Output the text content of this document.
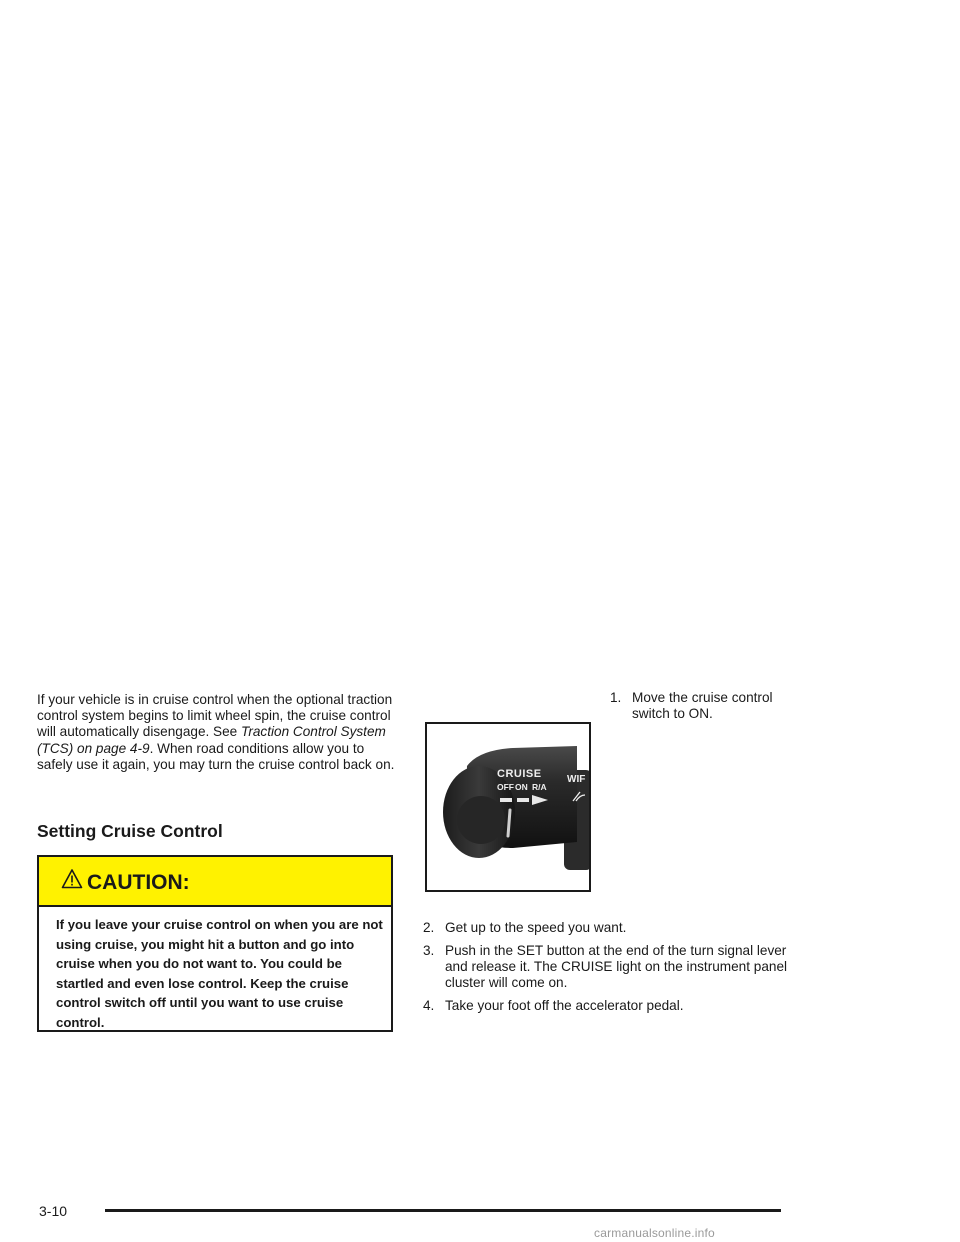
If your vehicle is in cruise control when the optional traction control system begins to limit wheel spin, the cruise control will automatically disengage. See Traction Control System (TCS) on page 4-9. When road conditions allow you to safely use it again, you may turn the cruise control back on.
Setting Cruise Control
CAUTION:
If you leave your cruise control on when you are not using cruise, you might hit a button and go into cruise when you do not want to. You could be startled and even lose control. Keep the cruise control switch off until you want to use cruise control.
CRUISE
OFF ON R/A
WIF
1. Move the cruise control switch to ON.
2. Get up to the speed you want.
3. Push in the SET button at the end of the turn signal lever and release it. The CRUISE light on the instrument panel cluster will come on.
4. Take your foot off the accelerator pedal.
3-10
carmanualsonline.info
